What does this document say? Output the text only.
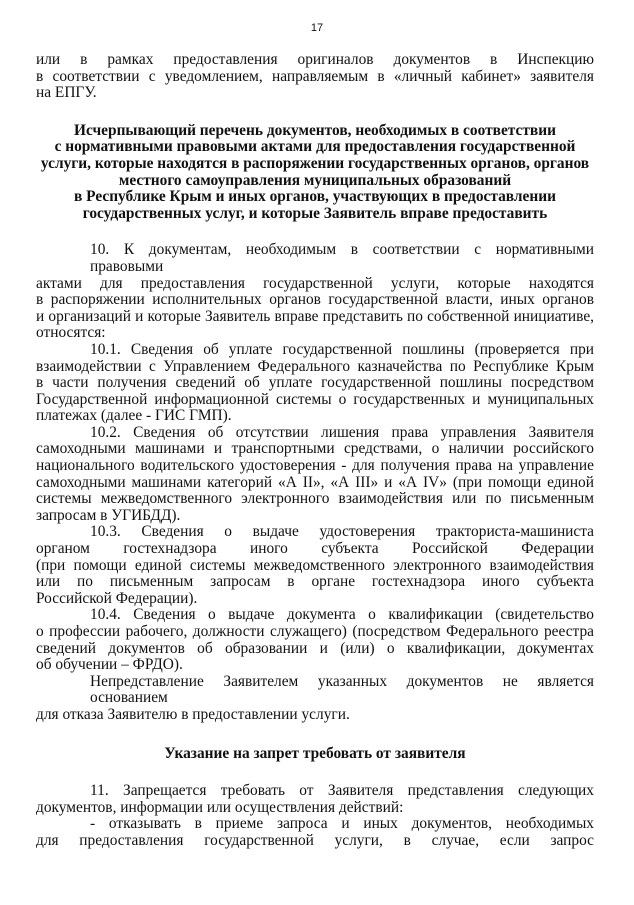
17
или в рамках предоставления оригиналов документов в Инспекцию
в соответствии с уведомлением, направляемым в «личный кабинет» заявителя
на ЕПГУ.
Исчерпывающий перечень документов, необходимых в соответствии
с нормативными правовыми актами для предоставления государственной
услуги, которые находятся в распоряжении государственных органов, органов
местного самоуправления муниципальных образований
в Республике Крым и иных органов, участвующих в предоставлении
государственных услуг, и которые Заявитель вправе предоставить
10. К документам, необходимым в соответствии с нормативными правовыми
актами для предоставления государственной услуги, которые находятся
в распоряжении исполнительных органов государственной власти, иных органов
и организаций и которые Заявитель вправе представить по собственной инициативе,
относятся:
10.1. Сведения об уплате государственной пошлины (проверяется при
взаимодействии с Управлением Федерального казначейства по Республике Крым
в части получения сведений об уплате государственной пошлины посредством
Государственной информационной системы о государственных и муниципальных
платежах (далее - ГИС ГМП).
10.2. Сведения об отсутствии лишения права управления Заявителя
самоходными машинами и транспортными средствами, о наличии российского
национального водительского удостоверения - для получения права на управление
самоходными машинами категорий «А II», «А III» и «А IV» (при помощи единой
системы межведомственного электронного взаимодействия или по письменным
запросам в УГИБДД).
10.3. Сведения о выдаче удостоверения тракториста-машиниста
органом гостехнадзора иного субъекта Российской Федерации
(при помощи единой системы межведомственного электронного взаимодействия
или по письменным запросам в органе гостехнадзора иного субъекта
Российской Федерации).
10.4. Сведения о выдаче документа о квалификации (свидетельство
о профессии рабочего, должности служащего) (посредством Федерального реестра
сведений документов об образовании и (или) о квалификации, документах
об обучении – ФРДО).
Непредставление Заявителем указанных документов не является основанием
для отказа Заявителю в предоставлении услуги.
Указание на запрет требовать от заявителя
11. Запрещается требовать от Заявителя представления следующих
документов, информации или осуществления действий:
- отказывать в приеме запроса и иных документов, необходимых
для предоставления государственной услуги, в случае, если запрос
